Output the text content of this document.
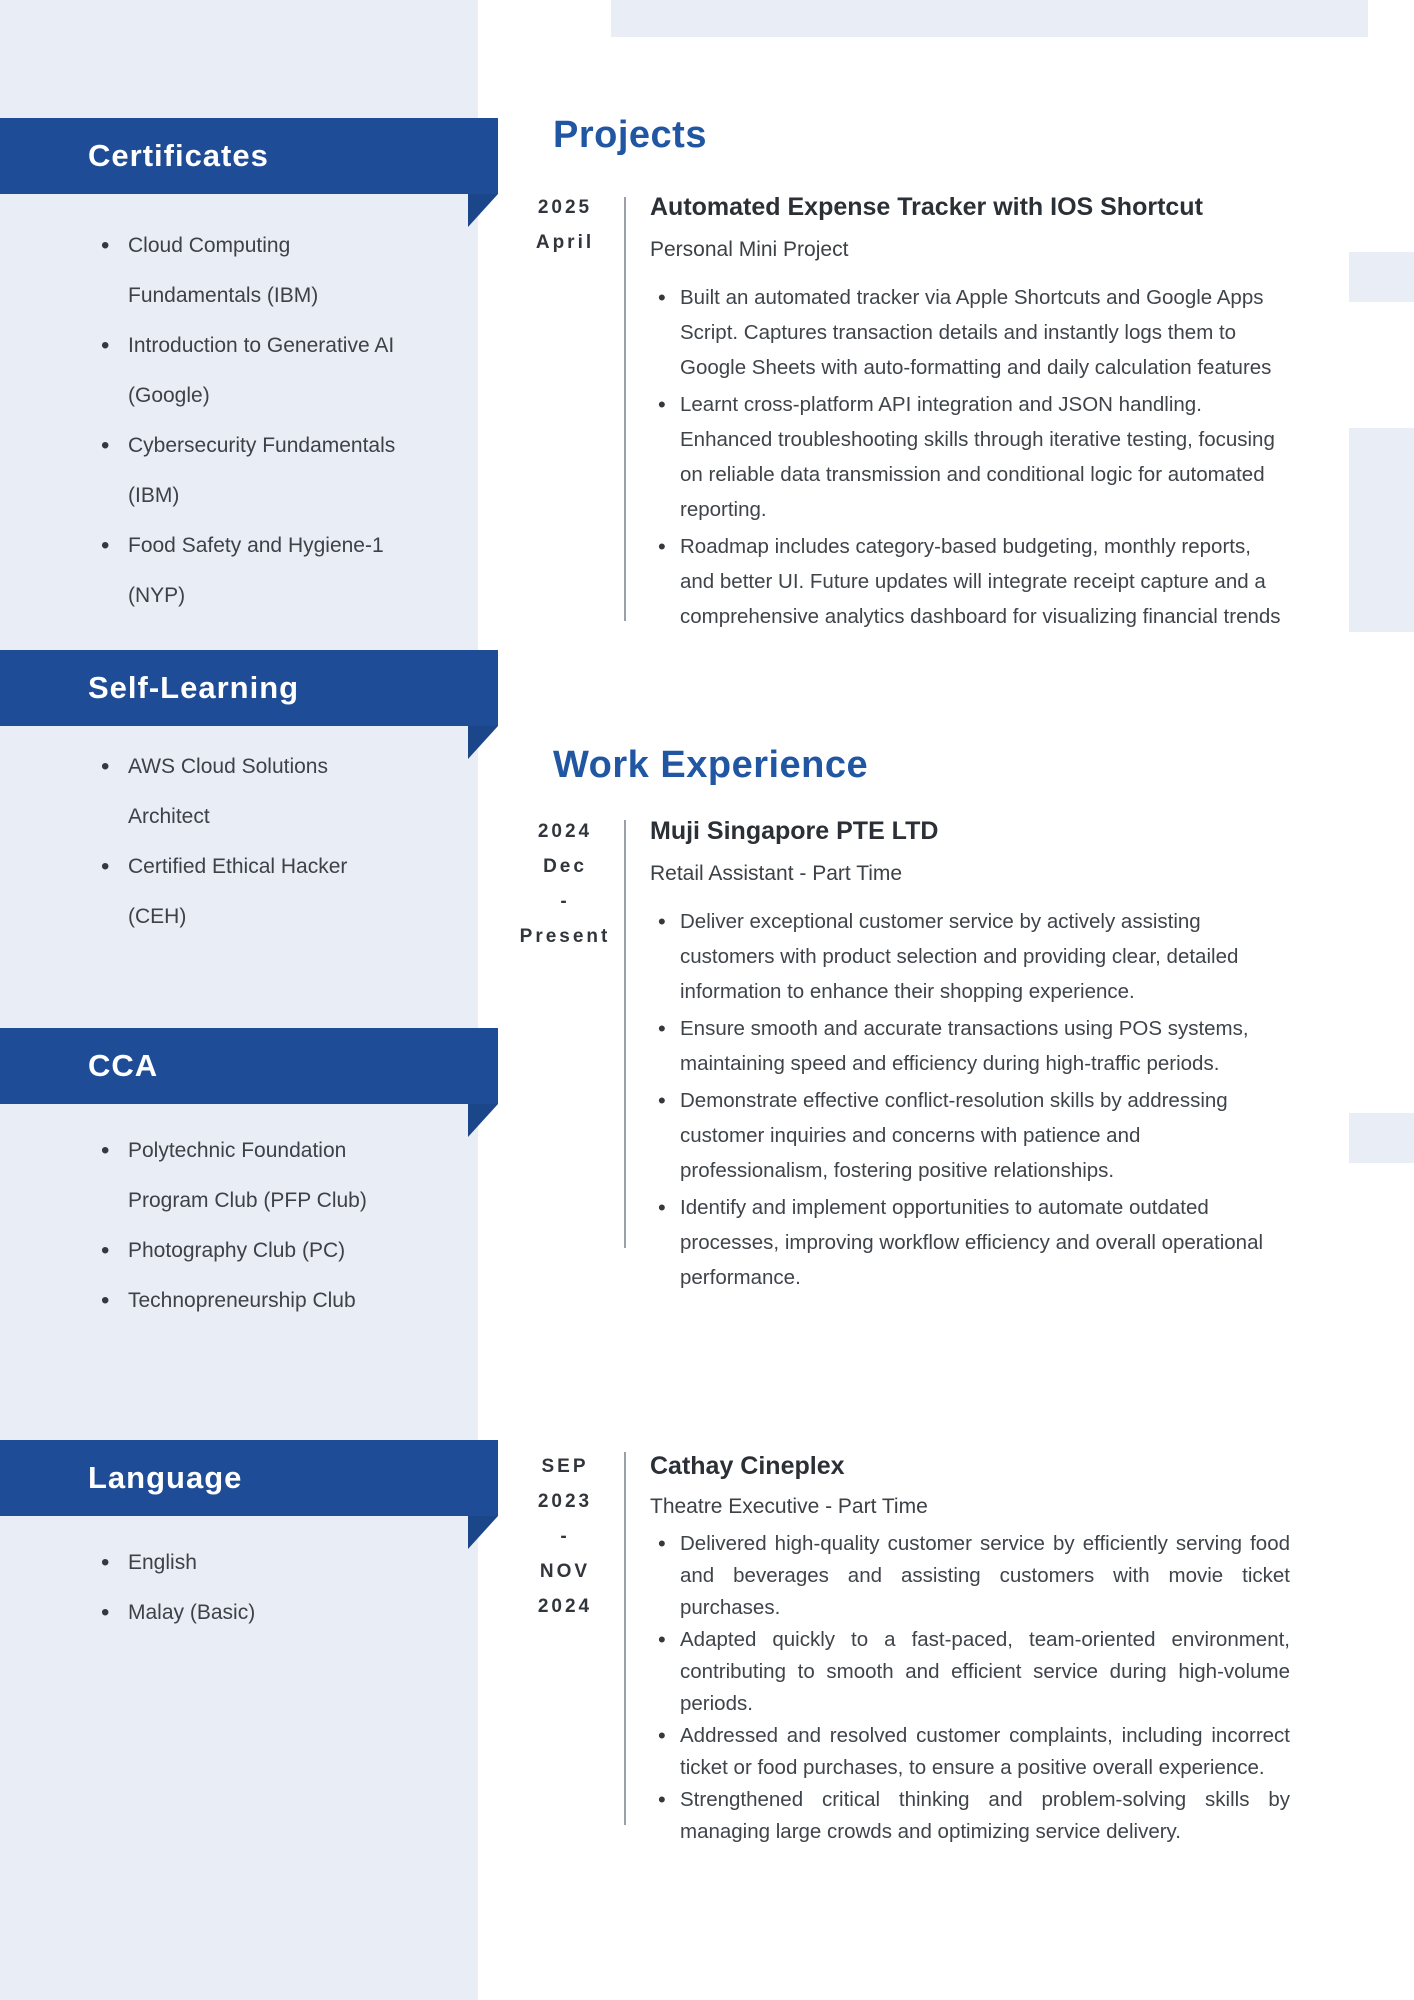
Certificates
• Cloud Computing
Fundamentals (IBM)
• Introduction to Generative AI
(Google)
• Cybersecurity Fundamentals
(IBM)
• Food Safety and Hygiene-1
(NYP)
Self-Learning
• AWS Cloud Solutions
Architect
• Certified Ethical Hacker
(CEH)
CCA
• Polytechnic Foundation
Program Club (PFP Club)
• Photography Club (PC)
• Technopreneurship Club
Language
• English
• Malay (Basic)
Projects
2025
April
Automated Expense Tracker with IOS Shortcut
Personal Mini Project
• Built an automated tracker via Apple Shortcuts and Google Apps Script. Captures transaction details and instantly logs them to Google Sheets with auto-formatting and daily calculation features
• Learnt cross-platform API integration and JSON handling. Enhanced troubleshooting skills through iterative testing, focusing on reliable data transmission and conditional logic for automated reporting.
• Roadmap includes category-based budgeting, monthly reports, and better UI. Future updates will integrate receipt capture and a comprehensive analytics dashboard for visualizing financial trends
Work Experience
2024
Dec
-
Present
Muji Singapore PTE LTD
Retail Assistant - Part Time
• Deliver exceptional customer service by actively assisting customers with product selection and providing clear, detailed information to enhance their shopping experience.
• Ensure smooth and accurate transactions using POS systems, maintaining speed and efficiency during high-traffic periods.
• Demonstrate effective conflict-resolution skills by addressing customer inquiries and concerns with patience and professionalism, fostering positive relationships.
• Identify and implement opportunities to automate outdated processes, improving workflow efficiency and overall operational performance.
SEP
2023
-
NOV
2024
Cathay Cineplex
Theatre Executive - Part Time
• Delivered high-quality customer service by efficiently serving food and beverages and assisting customers with movie ticket purchases.
• Adapted quickly to a fast-paced, team-oriented environment, contributing to smooth and efficient service during high-volume periods.
• Addressed and resolved customer complaints, including incorrect ticket or food purchases, to ensure a positive overall experience.
• Strengthened critical thinking and problem-solving skills by managing large crowds and optimizing service delivery.
